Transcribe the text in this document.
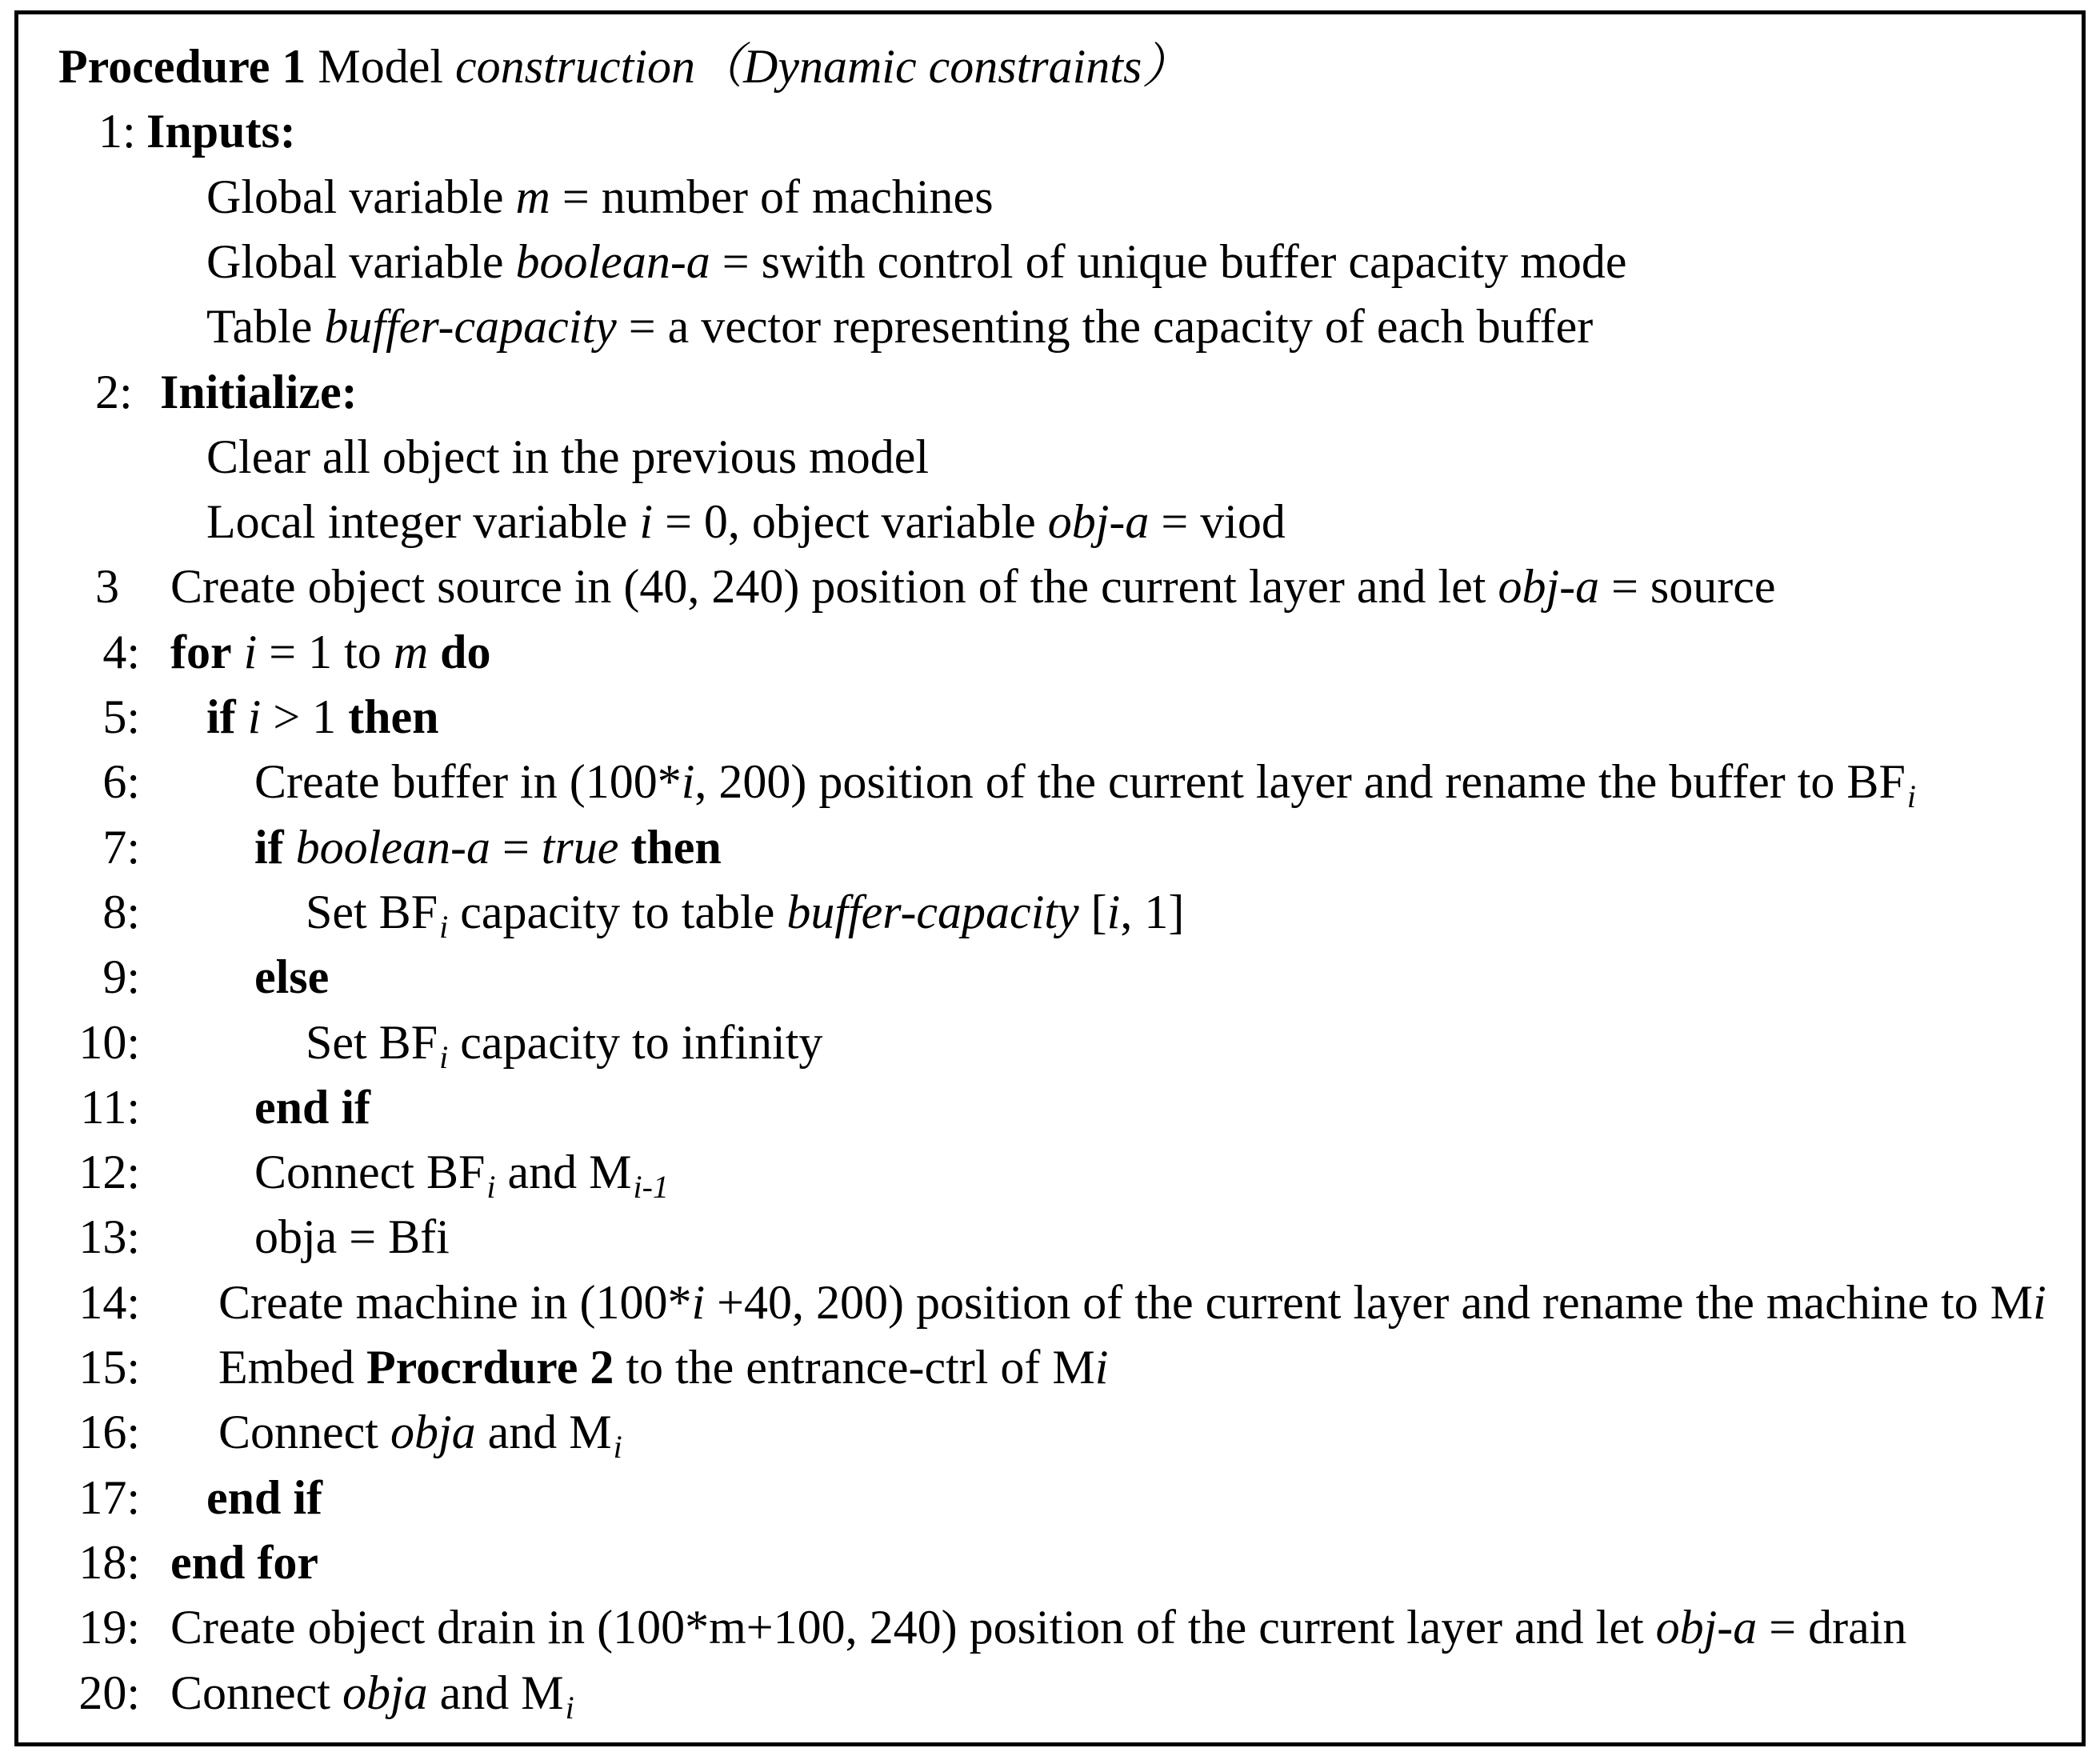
Procedure 1 Model construction（Dynamic constraints）
1: Inputs:
Global variable m = number of machines
Global variable boolean-a = swith control of unique buffer capacity mode
Table buffer-capacity = a vector representing the capacity of each buffer
2: Initialize:
Clear all object in the previous model
Local integer variable i = 0, object variable obj-a = viod
3	Create object source in (40, 240) position of the current layer and let obj-a = source
4: for i = 1 to m do
5: if i > 1 then
6: Create buffer in (100*i, 200) position of the current layer and rename the buffer to $BF_i$
7: if boolean-a = true then
8:	Set $BF_i$ capacity to table buffer-capacity [i, 1]
9: else
10:	Set $BF_i$ capacity to infinity
11: end if
12: Connect $BF_i$ and $M_{i-1}$
13: obja = Bfi
14: Create machine in (100*i +40, 200) position of the current layer and rename the machine to Mi
15: Embed Procrdure 2 to the entrance-ctrl of Mi
16: Connect obja and $M_i$
17: end if
18: end for
19: Create object drain in (100*m+100, 240) position of the current layer and let obj-a = drain
20: Connect obja and $M_i$
